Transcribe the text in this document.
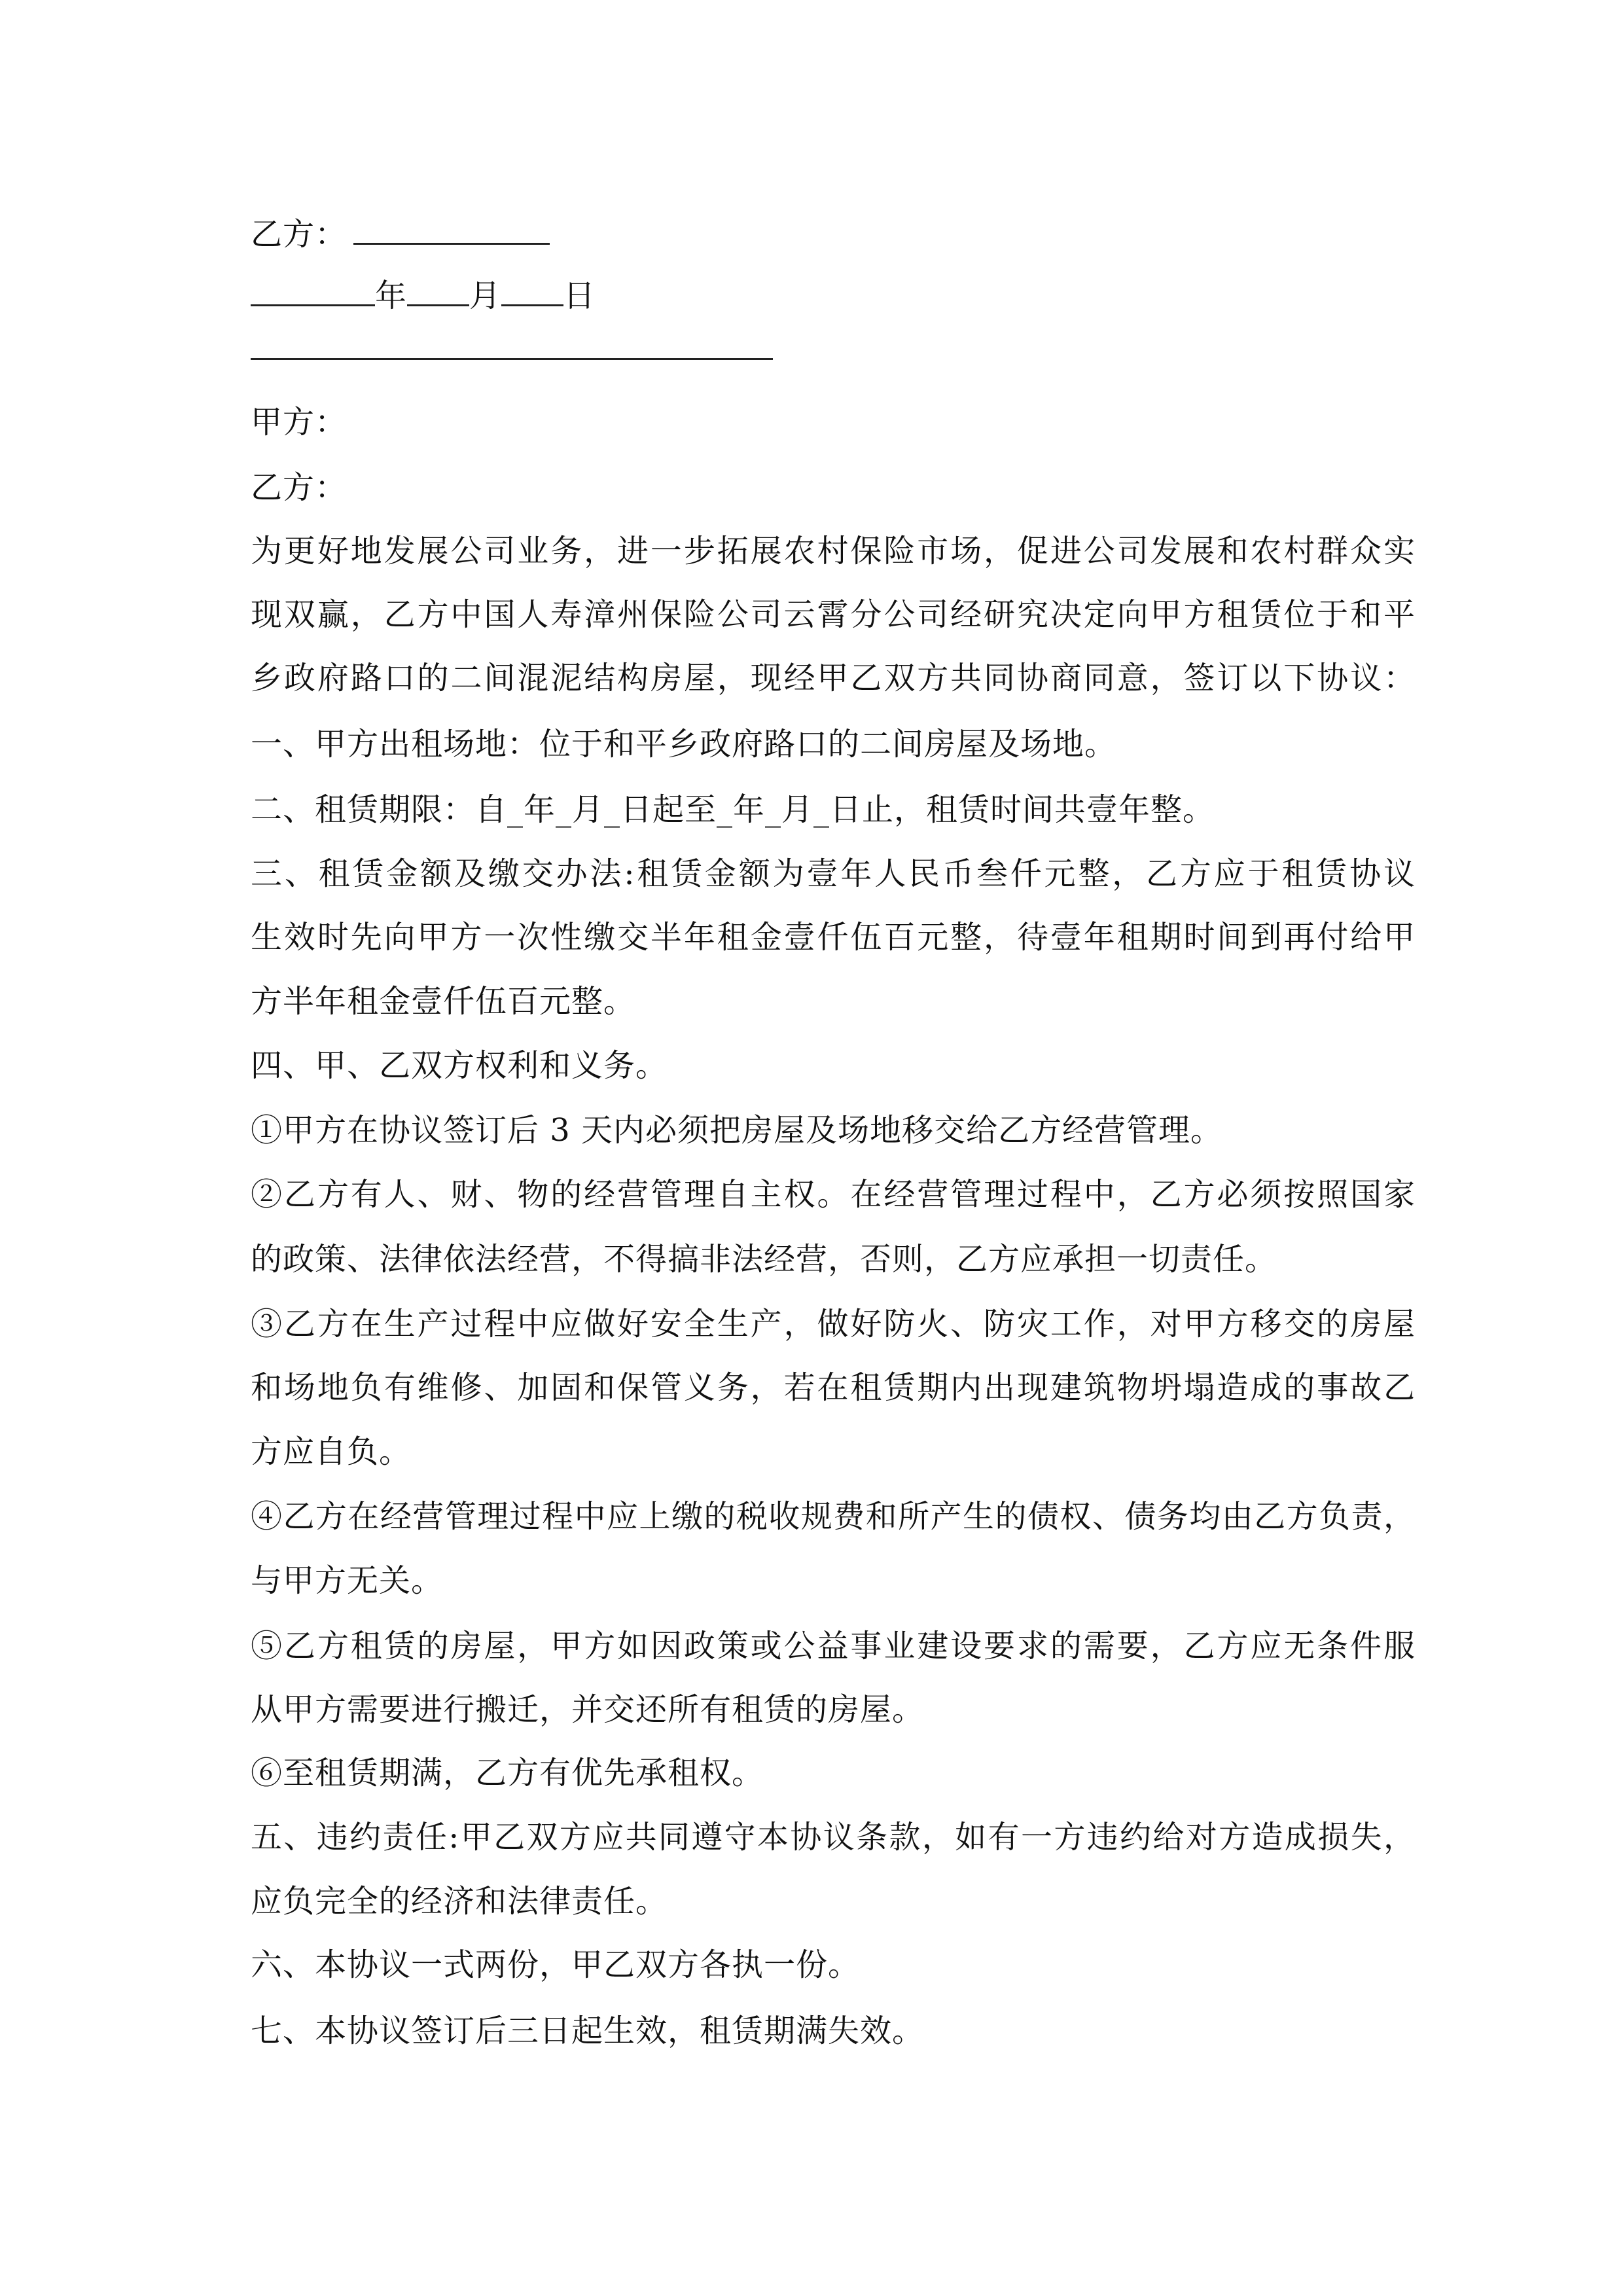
乙方：
年 月 日
甲方：
乙方：
为更好地发展公司业务，进一步拓展农村保险市场，促进公司发展和农村群众实
现双赢，乙方中国人寿漳州保险公司云霄分公司经研究决定向甲方租赁位于和平
乡政府路口的二间混泥结构房屋，现经甲乙双方共同协商同意，签订以下协议：
一、甲方出租场地：位于和平乡政府路口的二间房屋及场地。
二、租赁期限：自_年_月_日起至_年_月_日止，租赁时间共壹年整。
三、租赁金额及缴交办法:租赁金额为壹年人民币叁仟元整，乙方应于租赁协议
生效时先向甲方一次性缴交半年租金壹仟伍百元整，待壹年租期时间到再付给甲
方半年租金壹仟伍百元整。
四、甲、乙双方权利和义务。
①甲方在协议签订后 3 天内必须把房屋及场地移交给乙方经营管理。
②乙方有人、财、物的经营管理自主权。在经营管理过程中，乙方必须按照国家
的政策、法律依法经营，不得搞非法经营，否则，乙方应承担一切责任。
③乙方在生产过程中应做好安全生产，做好防火、防灾工作，对甲方移交的房屋
和场地负有维修、加固和保管义务，若在租赁期内出现建筑物坍塌造成的事故乙
方应自负。
④乙方在经营管理过程中应上缴的税收规费和所产生的债权、债务均由乙方负责，
与甲方无关。
⑤乙方租赁的房屋，甲方如因政策或公益事业建设要求的需要，乙方应无条件服
从甲方需要进行搬迁，并交还所有租赁的房屋。
⑥至租赁期满，乙方有优先承租权。
五、违约责任:甲乙双方应共同遵守本协议条款，如有一方违约给对方造成损失，
应负完全的经济和法律责任。
六、本协议一式两份，甲乙双方各执一份。
七、本协议签订后三日起生效，租赁期满失效。
